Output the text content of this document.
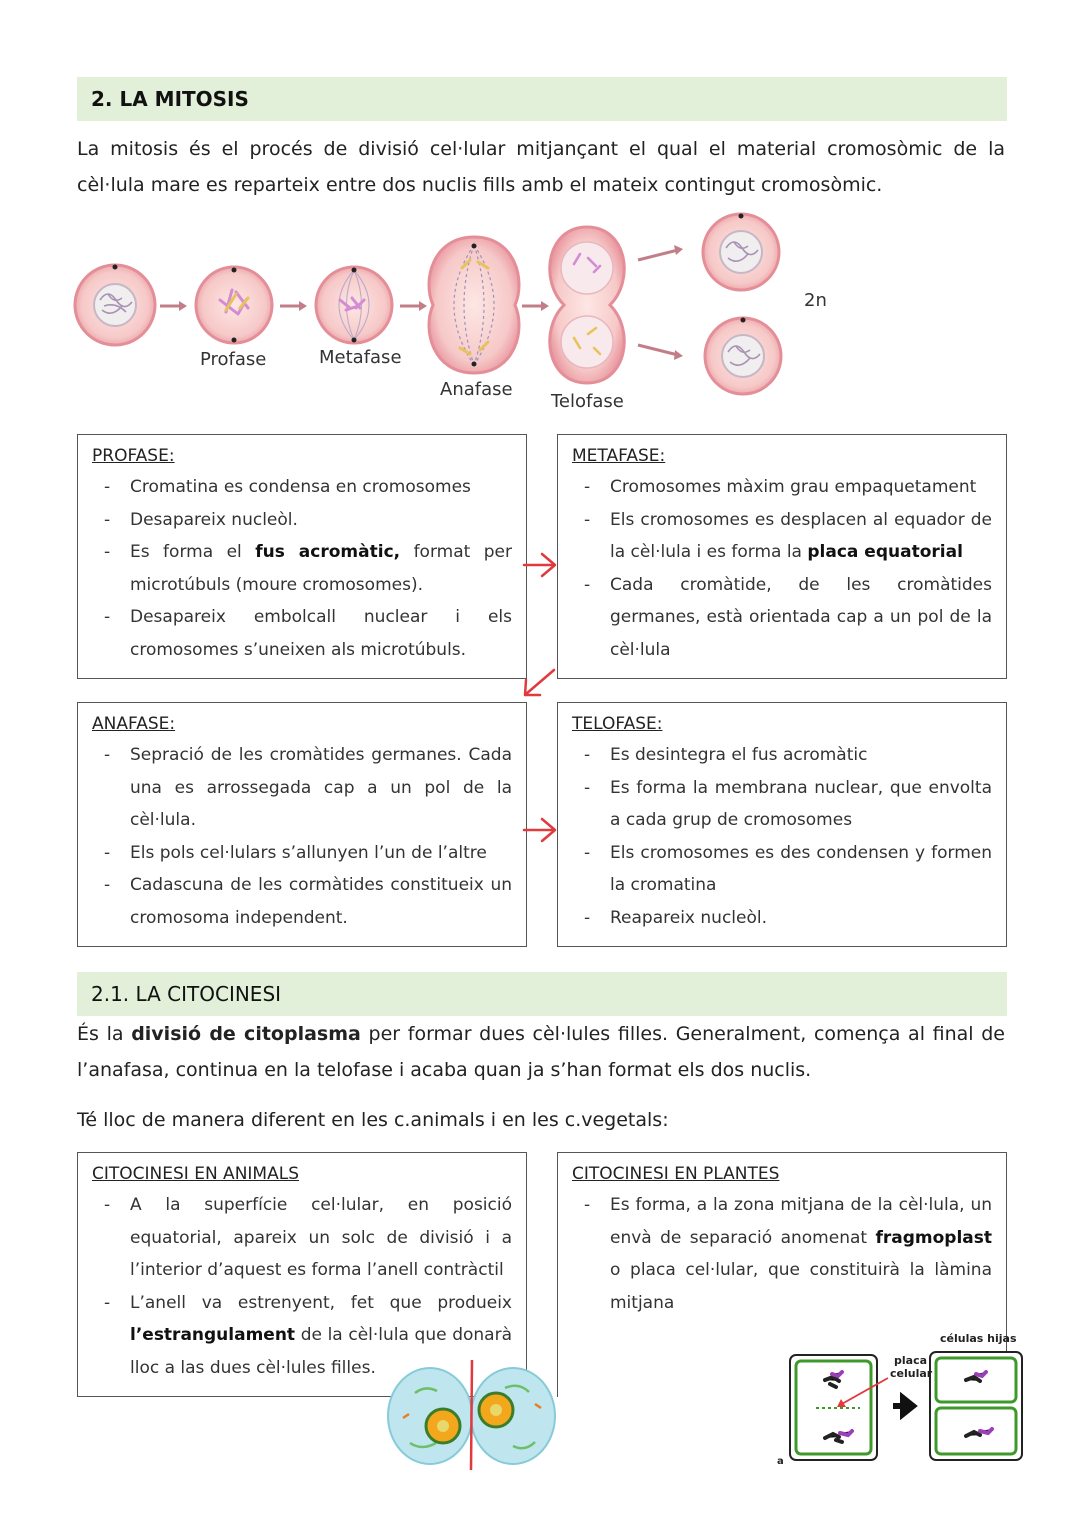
2. LA MITOSIS
La mitosis és el procés de divisió cel·lular mitjançant el qual el material cromosòmic de la cèl·lula mare es reparteix entre dos nuclis fills amb el mateix contingut cromosòmic.
Profase	Metafase
Anafase
Telofase
2n
PROFASE:
- Cromatina es condensa en cromosomes
- Desapareix nucleòl.
- Es forma el fus acromàtic, format per microtúbuls (moure cromosomes).
- Desapareix embolcall nuclear i els cromosomes s’uneixen als microtúbuls.
METAFASE:
- Cromosomes màxim grau empaquetament
- Els cromosomes es desplacen al equador de la cèl·lula i es forma la placa equatorial
- Cada cromàtide, de les cromàtides germanes, està orientada cap a un pol de la cèl·lula
ANAFASE:
- Sepració de les cromàtides germanes. Cada una es arrossegada cap a un pol de la cèl·lula.
- Els pols cel·lulars s’allunyen l’un de l’altre
- Cadascuna de les cormàtides constitueix un cromosoma independent.
TELOFASE:
- Es desintegra el fus acromàtic
- Es forma la membrana nuclear, que envolta a cada grup de cromosomes
- Els cromosomes es des condensen y formen la cromatina
- Reapareix nucleòl.
2.1. LA CITOCINESI
És la divisió de citoplasma per formar dues cèl·lules filles. Generalment, comença al final de l’anafasa, continua en la telofase i acaba quan ja s’han format els dos nuclis.
Té lloc de manera diferent en les c.animals i en les c.vegetals:
CITOCINESI EN ANIMALS
- A la superfície cel·lular, en posició equatorial, apareix un solc de divisió i a l’interior d’aquest es forma l’anell contràctil
- L’anell va estrenyent, fet que produeix l’estrangulament de la cèl·lula que donarà lloc a las dues cèl·lules filles.
CITOCINESI EN PLANTES
- Es forma, a la zona mitjana de la cèl·lula, un envà de separació anomenat fragmoplast o placa cel·lular, que constituirà la làmina mitjana
células hijas
placa
celular
a
